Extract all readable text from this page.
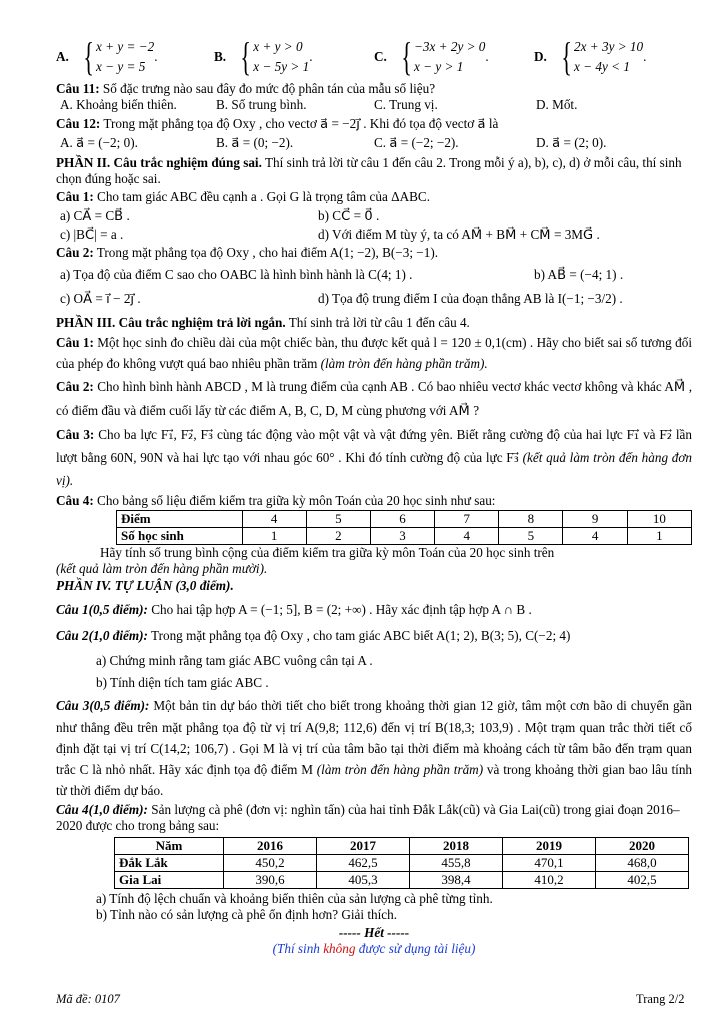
A. { x + y = −2
x − y = 5
.	B. { x + y > 0
x − 5y > 1
.	C. { −3x + 2y > 0
x − y > 1
.	D. { 2x + 3y > 10
x − 4y < 1
.
Câu 11: Số đặc trưng nào sau đây đo mức độ phân tán của mẫu số liệu?
A. Khoảng biến thiên.	B. Số trung bình.	C. Trung vị.	D. Mốt.
Câu 12: Trong mặt phẳng tọa độ Oxy , cho vectơ a⃗ = −2j⃗ . Khi đó tọa độ vectơ a⃗ là
A. a⃗ = (−2; 0).	B. a⃗ = (0; −2).	C. a⃗ = (−2; −2).	D. a⃗ = (2; 0).
PHẦN II. Câu trắc nghiệm đúng sai. Thí sinh trả lời từ câu 1 đến câu 2. Trong mỗi ý a), b), c), d) ở mỗi câu, thí sinh chọn đúng hoặc sai.
Câu 1: Cho tam giác ABC đều cạnh a . Gọi G là trọng tâm của ΔABC.
a) CA⃗ = CB⃗ .	b) CC⃗ = 0⃗ .
c) |BC⃗| = a .	d) Với điểm M tùy ý, ta có AM⃗ + BM⃗ + CM⃗ = 3MG⃗ .
Câu 2: Trong mặt phẳng tọa độ Oxy , cho hai điểm A(1; −2), B(−3; −1).
a) Tọa độ của điểm C sao cho OABC là hình bình hành là C(4; 1) .	b) AB⃗ = (−4; 1) .
c) OA⃗ = i⃗ − 2j⃗ .	d) Tọa độ trung điểm I của đoạn thẳng AB là I(−1; −3/2) .
PHẦN III. Câu trắc nghiệm trả lời ngắn. Thí sinh trả lời từ câu 1 đến câu 4.
Câu 1: Một học sinh đo chiều dài của một chiếc bàn, thu được kết quả l = 120 ± 0,1(cm) . Hãy cho biết sai số tương đối của phép đo không vượt quá bao nhiêu phần trăm (làm tròn đến hàng phần trăm).
Câu 2: Cho hình bình hành ABCD , M là trung điểm của cạnh AB . Có bao nhiêu vectơ khác vectơ không và khác AM⃗ , có điểm đầu và điểm cuối lấy từ các điểm A, B, C, D, M cùng phương với AM⃗ ?
Câu 3: Cho ba lực F₁⃗, F₂⃗, F₃⃗ cùng tác động vào một vật và vật đứng yên. Biết rằng cường độ của hai lực F₁⃗ và F₂⃗ lần lượt bằng 60N, 90N và hai lực tạo với nhau góc 60° . Khi đó tính cường độ của lực F₃⃗ (kết quả làm tròn đến hàng đơn vị).
Câu 4: Cho bảng số liệu điểm kiểm tra giữa kỳ môn Toán của 20 học sinh như sau:
Điểm	4	5	6	7	8	9	10
Số học sinh	1	2	3	4	5	4	1
Hãy tính số trung bình cộng của điểm kiểm tra giữa kỳ môn Toán của 20 học sinh trên
(kết quả làm tròn đến hàng phần mười).
PHẦN IV. TỰ LUẬN (3,0 điểm).
Câu 1(0,5 điểm): Cho hai tập hợp A = (−1; 5], B = (2; +∞) . Hãy xác định tập hợp A ∩ B .
Câu 2(1,0 điểm): Trong mặt phẳng tọa độ Oxy , cho tam giác ABC biết A(1; 2), B(3; 5), C(−2; 4)
a) Chứng minh rằng tam giác ABC vuông cân tại A .
b) Tính diện tích tam giác ABC .
Câu 3(0,5 điểm): Một bản tin dự báo thời tiết cho biết trong khoảng thời gian 12 giờ, tâm một cơn bão di chuyển gần như thẳng đều trên mặt phẳng tọa độ từ vị trí A(9,8; 112,6) đến vị trí B(18,3; 103,9) . Một trạm quan trắc thời tiết cố định đặt tại vị trí C(14,2; 106,7) . Gọi M là vị trí của tâm bão tại thời điểm mà khoảng cách từ tâm bão đến trạm quan trắc C là nhỏ nhất. Hãy xác định tọa độ điểm M (làm tròn đến hàng phần trăm) và trong khoảng thời gian bao lâu tính từ thời điểm dự báo.
Câu 4(1,0 điểm): Sản lượng cà phê (đơn vị: nghìn tấn) của hai tỉnh Đắk Lắk(cũ) và Gia Lai(cũ) trong giai đoạn 2016–2020 được cho trong bảng sau:
Năm	2016	2017	2018	2019	2020
Đắk Lắk	450,2	462,5	455,8	470,1	468,0
Gia Lai	390,6	405,3	398,4	410,2	402,5
a) Tính độ lệch chuẩn và khoảng biến thiên của sản lượng cà phê từng tỉnh.
b) Tỉnh nào có sản lượng cà phê ổn định hơn? Giải thích.
----- Hết -----
(Thí sinh không được sử dụng tài liệu)
Mã đề: 0107	Trang 2/2
